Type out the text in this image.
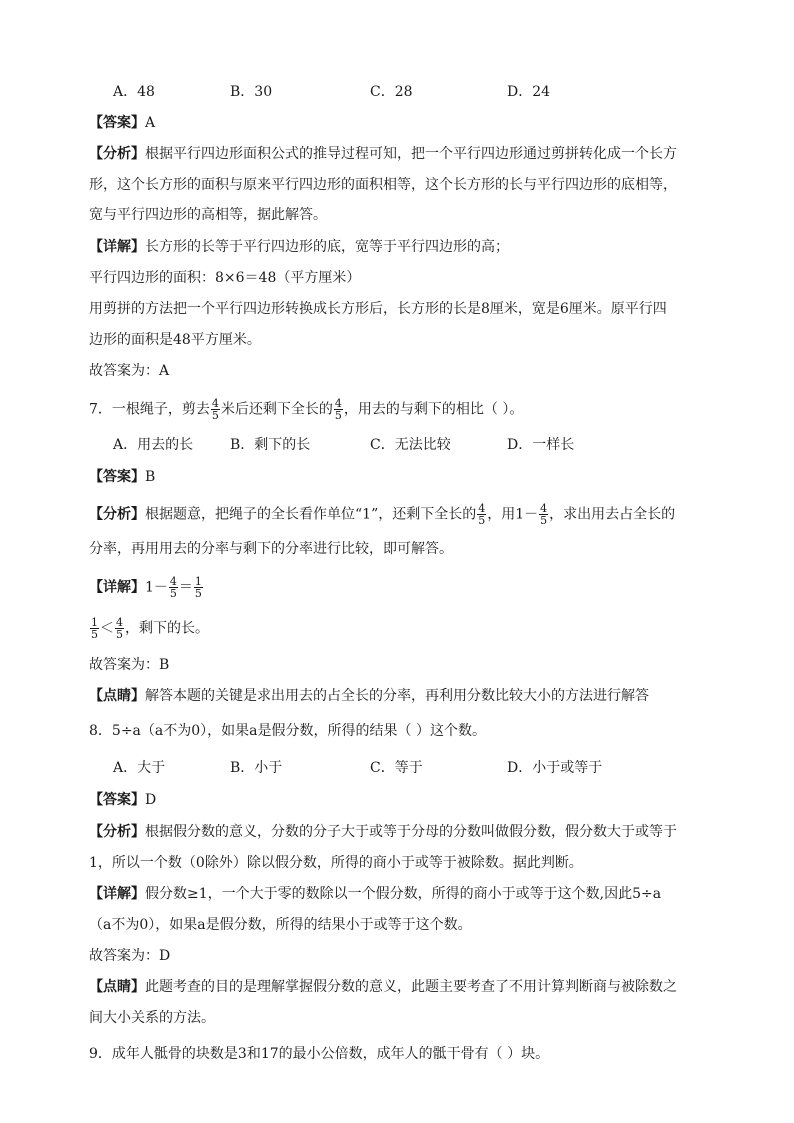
A．48	B．30	C．28	D．24
【答案】A
【分析】根据平行四边形面积公式的推导过程可知，把一个平行四边形通过剪拼转化成一个长方
形，这个长方形的面积与原来平行四边形的面积相等，这个长方形的长与平行四边形的底相等，
宽与平行四边形的高相等，据此解答。
【详解】长方形的长等于平行四边形的底，宽等于平行四边形的高；
平行四边形的面积：8×6＝48（平方厘米）
用剪拼的方法把一个平行四边形转换成长方形后，长方形的长是8厘米，宽是6厘米。原平行四
边形的面积是48平方厘米。
故答案为：A
7．一根绳子，剪去 $\frac{4}{5}$ 米后还剩下全长的 $\frac{4}{5}$ ，用去的与剩下的相比（ ）。
A．用去的长	B．剩下的长	C．无法比较	D．一样长
【答案】B
【分析】根据题意，把绳子的全长看作单位“1”，还剩下全长的 $\frac{4}{5}$ ，用$1- \frac{4}{5}$ ，求出用去占全长的
分率，再用用去的分率与剩下的分率进行比较，即可解答。
【详解】$1- \frac{4}{5} = \frac{1}{5}$
$\frac{1}{5} < \frac{4}{5}$ ，剩下的长。
故答案为：B
【点睛】解答本题的关键是求出用去的占全长的分率，再利用分数比较大小的方法进行解答
8．5÷a（a不为0），如果a是假分数，所得的结果（ ）这个数。
A．大于	B．小于	C．等于	D．小于或等于
【答案】D
【分析】根据假分数的意义，分数的分子大于或等于分母的分数叫做假分数，假分数大于或等于
1，所以一个数（0除外）除以假分数，所得的商小于或等于被除数。据此判断。
【详解】假分数≥1，一个大于零的数除以一个假分数，所得的商小于或等于这个数,因此5÷a
（a不为0），如果a是假分数，所得的结果小于或等于这个数。
故答案为：D
【点睛】此题考查的目的是理解掌握假分数的意义，此题主要考查了不用计算判断商与被除数之
间大小关系的方法。
9．成年人骶骨的块数是3和17的最小公倍数，成年人的骶干骨有（ ）块。
